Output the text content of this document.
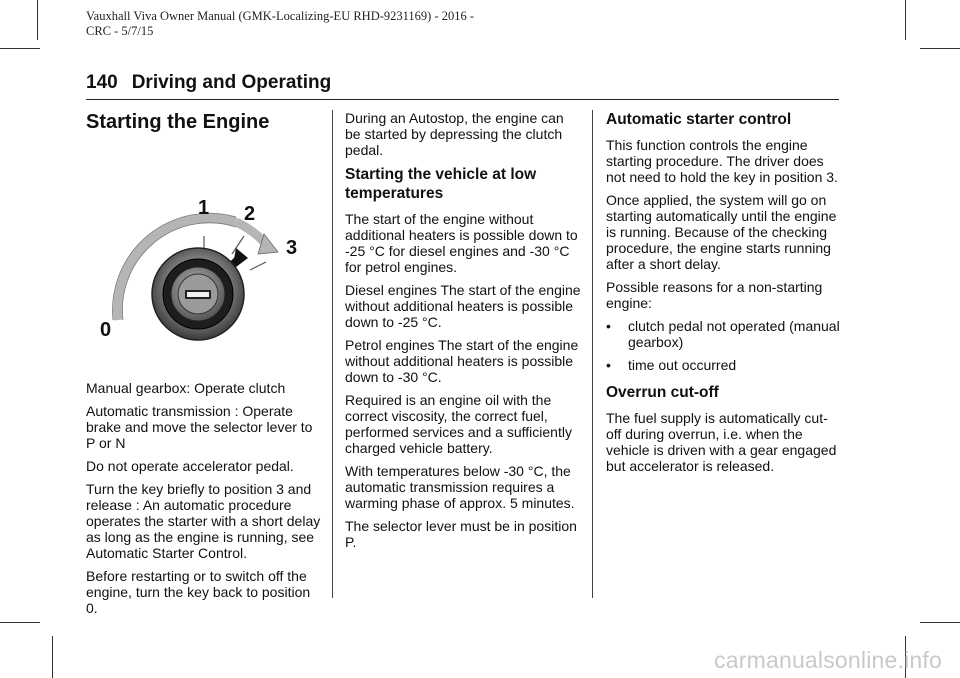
Vauxhall Viva Owner Manual (GMK-Localizing-EU RHD-9231169) - 2016 -
CRC - 5/7/15
140 Driving and Operating
Starting the Engine
0
1 2
3

Manual gearbox: Operate clutch

Automatic transmission : Operate brake and move the selector lever to P or N

Do not operate accelerator pedal.

Turn the key briefly to position 3 and release : An automatic procedure operates the starter with a short delay as long as the engine is running, see Automatic Starter Control.

Before restarting or to switch off the engine, turn the key back to position 0.

During an Autostop, the engine can be started by depressing the clutch pedal.

Starting the vehicle at low temperatures

The start of the engine without additional heaters is possible down to -25 °C for diesel engines and -30 °C for petrol engines.

Diesel engines The start of the engine without additional heaters is possible down to -25 °C.

Petrol engines The start of the engine without additional heaters is possible down to -30 °C.

Required is an engine oil with the correct viscosity, the correct fuel, performed services and a sufficiently charged vehicle battery.

With temperatures below -30 °C, the automatic transmission requires a warming phase of approx. 5 minutes.

The selector lever must be in position P.

Automatic starter control

This function controls the engine starting procedure. The driver does not need to hold the key in position 3.

Once applied, the system will go on starting automatically until the engine is running. Because of the checking procedure, the engine starts running after a short delay.

Possible reasons for a non-starting engine:

•	clutch pedal not operated (manual gearbox)
•	time out occurred
Overrun cut-off

The fuel supply is automatically cut-off during overrun, i.e. when the vehicle is driven with a gear engaged but accelerator is released.

carmanualsonline.info
